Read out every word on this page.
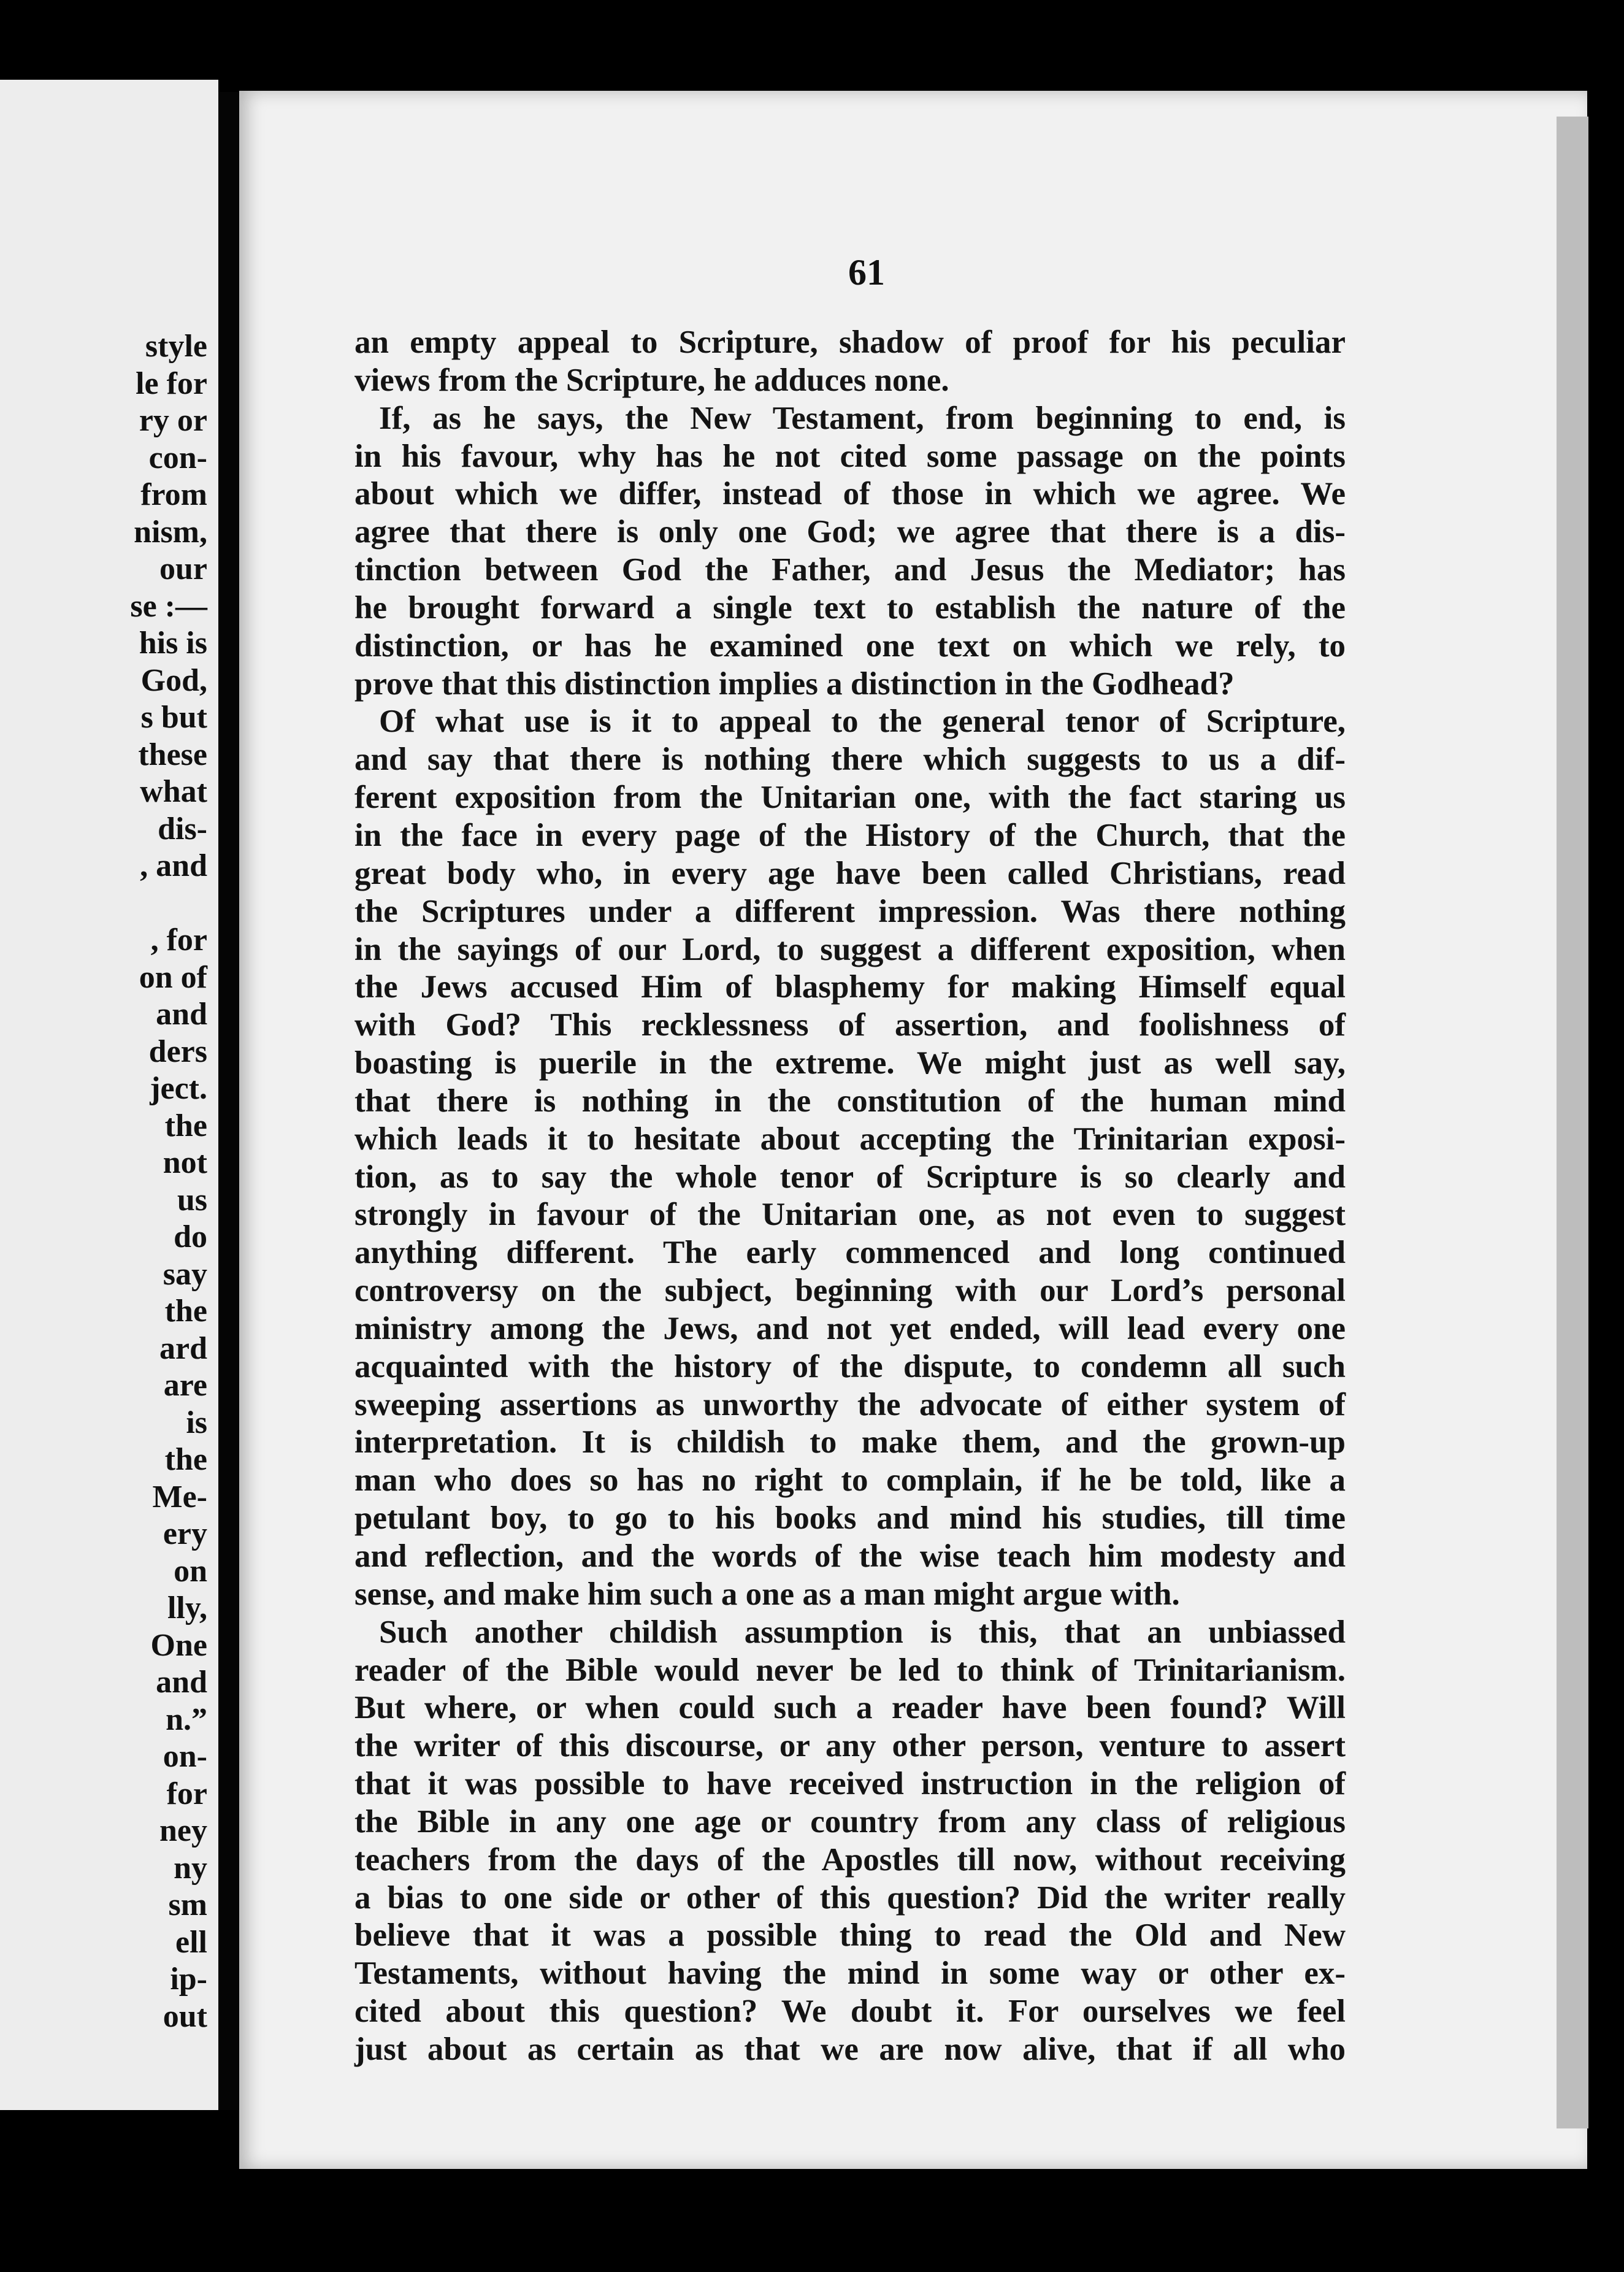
style
le for
ry or
con-
from
nism,
our
se :—
his is
God,
s but
these
what
dis-
, and

, for
on of
and
ders
ject.
the
not
us
do
say
the
ard
are
is
the
Me-
ery
on
lly,
One
and
n.”
on-
for
ney
ny
sm
ell
ip-
out
61
an empty appeal to Scripture, shadow of proof for his peculiar
views from the Scripture, he adduces none.
If, as he says, the New Testament, from beginning to end, is
in his favour, why has he not cited some passage on the points
about which we differ, instead of those in which we agree. We
agree that there is only one God; we agree that there is a dis-
tinction between God the Father, and Jesus the Mediator; has
he brought forward a single text to establish the nature of the
distinction, or has he examined one text on which we rely, to
prove that this distinction implies a distinction in the Godhead?
Of what use is it to appeal to the general tenor of Scripture,
and say that there is nothing there which suggests to us a dif-
ferent exposition from the Unitarian one, with the fact staring us
in the face in every page of the History of the Church, that the
great body who, in every age have been called Christians, read
the Scriptures under a different impression. Was there nothing
in the sayings of our Lord, to suggest a different exposition, when
the Jews accused Him of blasphemy for making Himself equal
with God? This recklessness of assertion, and foolishness of
boasting is puerile in the extreme. We might just as well say,
that there is nothing in the constitution of the human mind
which leads it to hesitate about accepting the Trinitarian exposi-
tion, as to say the whole tenor of Scripture is so clearly and
strongly in favour of the Unitarian one, as not even to suggest
anything different. The early commenced and long continued
controversy on the subject, beginning with our Lord’s personal
ministry among the Jews, and not yet ended, will lead every one
acquainted with the history of the dispute, to condemn all such
sweeping assertions as unworthy the advocate of either system of
interpretation. It is childish to make them, and the grown-up
man who does so has no right to complain, if he be told, like a
petulant boy, to go to his books and mind his studies, till time
and reflection, and the words of the wise teach him modesty and
sense, and make him such a one as a man might argue with.
Such another childish assumption is this, that an unbiassed
reader of the Bible would never be led to think of Trinitarianism.
But where, or when could such a reader have been found? Will
the writer of this discourse, or any other person, venture to assert
that it was possible to have received instruction in the religion of
the Bible in any one age or country from any class of religious
teachers from the days of the Apostles till now, without receiving
a bias to one side or other of this question? Did the writer really
believe that it was a possible thing to read the Old and New
Testaments, without having the mind in some way or other ex-
cited about this question? We doubt it. For ourselves we feel
just about as certain as that we are now alive, that if all who
